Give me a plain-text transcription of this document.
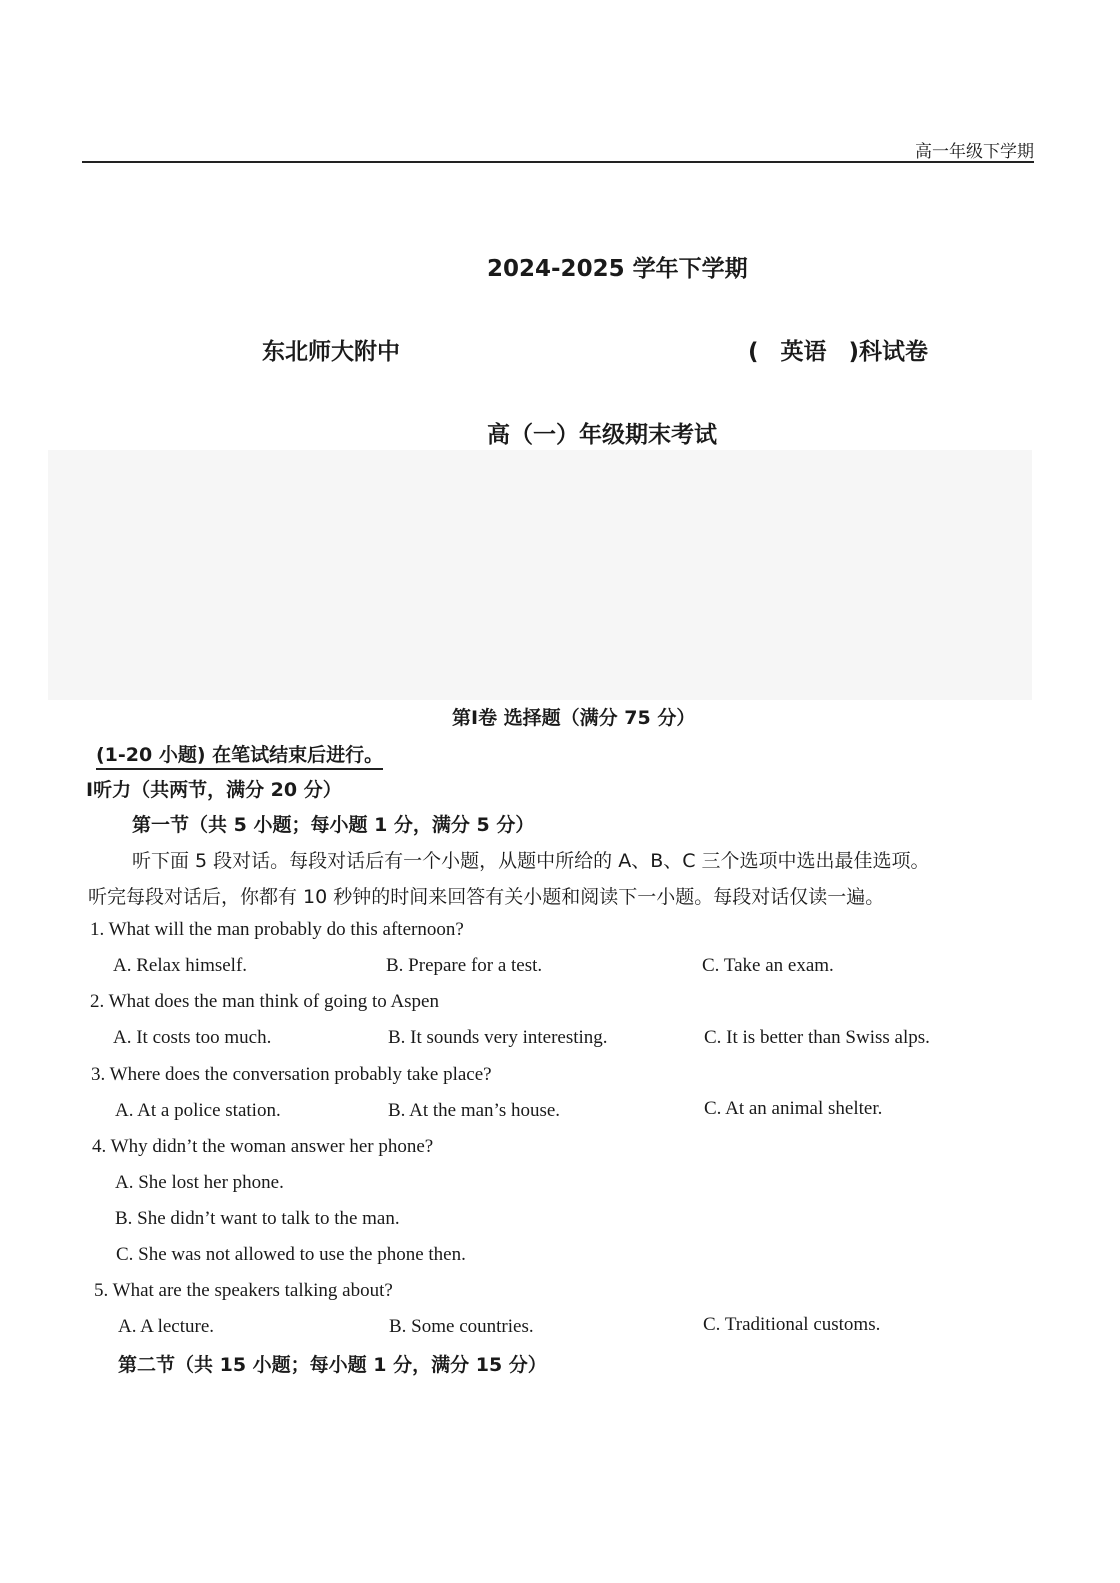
高一年级下学期
2024-2025 学年下学期
东北师大附中	( 英语 )科试卷
高（一）年级期末考试
第Ⅰ卷 选择题（满分 75 分）
(1-20 小题) 在笔试结束后进行。
Ⅰ听力（共两节，满分 20 分）
第一节（共 5 小题；每小题 1 分，满分 5 分）
听下面 5 段对话。每段对话后有一个小题，从题中所给的 A、B、C 三个选项中选出最佳选项。
听完每段对话后，你都有 10 秒钟的时间来回答有关小题和阅读下一小题。每段对话仅读一遍。
1. What will the man probably do this afternoon?
A. Relax himself.	B. Prepare for a test.	C. Take an exam.
2. What does the man think of going to Aspen
A. It costs too much.	B. It sounds very interesting.	C. It is better than Swiss alps.
3. Where does the conversation probably take place?
A. At a police station.	B. At the man’s house.	C. At an animal shelter.
4. Why didn’t the woman answer her phone?
A. She lost her phone.
B. She didn’t want to talk to the man.
C. She was not allowed to use the phone then.
5. What are the speakers talking about?
A. A lecture.	B. Some countries.	C. Traditional customs.
第二节（共 15 小题；每小题 1 分，满分 15 分）
